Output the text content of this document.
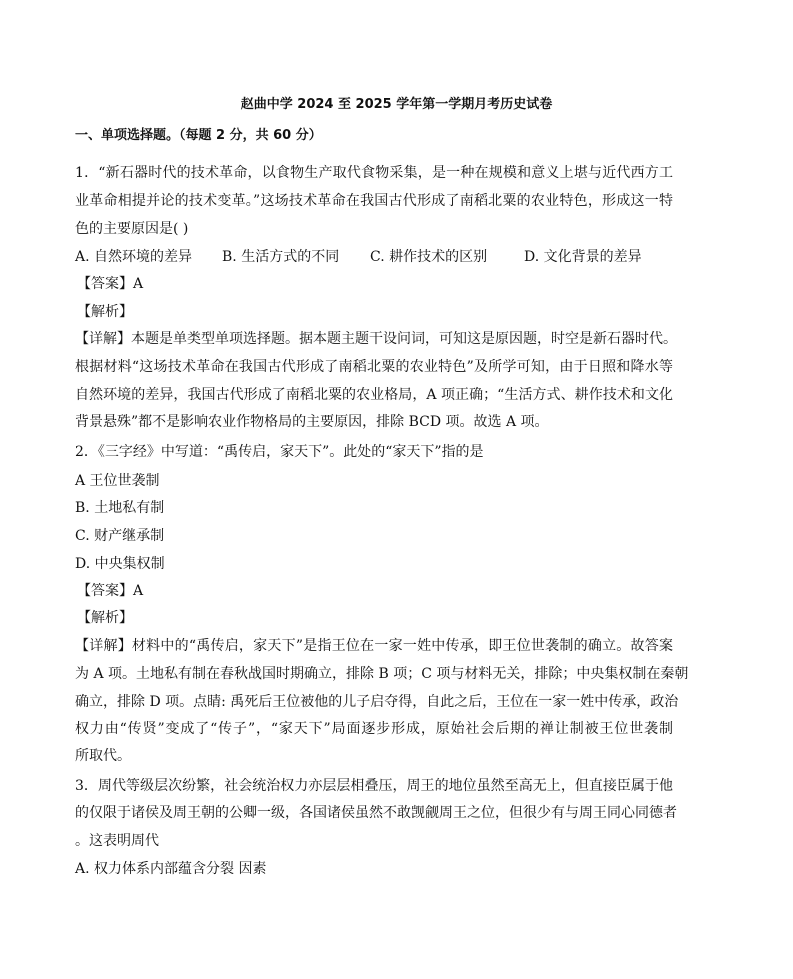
赵曲中学 2024 至 2025 学年第一学期月考历史试卷
一、单项选择题。（每题 2 分，共 60 分）
1．“新石器时代的技术革命，以食物生产取代食物采集，是一种在规模和意义上堪与近代西方工
业革命相提并论的技术变革。”这场技术革命在我国古代形成了南稻北粟的农业特色，形成这一特
色的主要原因是( )
A. 自然环境的差异 B. 生活方式的不同 C. 耕作技术的区别	D. 文化背景的差异
【答案】A
【解析】
【详解】本题是单类型单项选择题。据本题主题干设问词，可知这是原因题，时空是新石器时代。
根据材料“这场技术革命在我国古代形成了南稻北粟的农业特色”及所学可知，由于日照和降水等
自然环境的差异，我国古代形成了南稻北粟的农业格局，A 项正确；“生活方式、耕作技术和文化
背景悬殊”都不是影响农业作物格局的主要原因，排除 BCD 项。故选 A 项。
2．《三字经》中写道：“禹传启，家天下”。此处的“家天下”指的是
A 王位世袭制
B. 土地私有制
C. 财产继承制
D. 中央集权制
【答案】A
【解析】
【详解】材料中的“禹传启，家天下”是指王位在一家一姓中传承，即王位世袭制的确立。故答案
为 A 项。土地私有制在春秋战国时期确立，排除 B 项；C 项与材料无关，排除；中央集权制在秦朝
确立，排除 D 项。点睛: 禹死后王位被他的儿子启夺得，自此之后，王位在一家一姓中传承，政治
权力由“传贤”变成了“传子”，“家天下”局面逐步形成，原始社会后期的禅让制被王位世袭制
所取代。
3．周代等级层次纷繁，社会统治权力亦层层相叠压，周王的地位虽然至高无上，但直接臣属于他
的仅限于诸侯及周王朝的公卿一级，各国诸侯虽然不敢觊觎周王之位，但很少有与周王同心同德者
。这表明周代
A. 权力体系内部蕴含分裂 因素
